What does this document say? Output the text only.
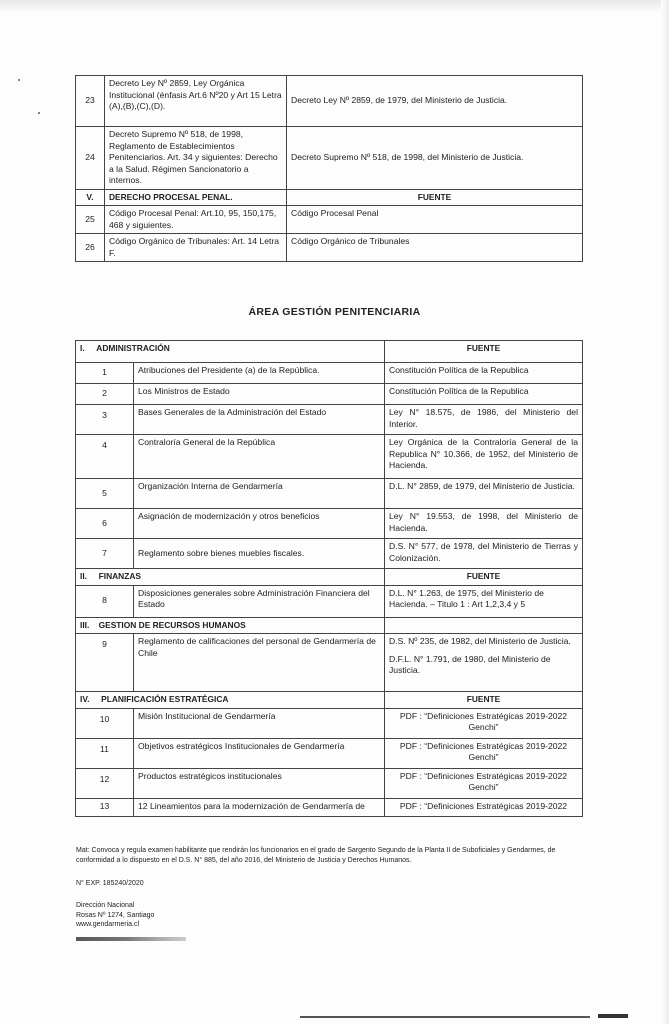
23	Decreto Ley Nº 2859, Ley Orgánica Institucional (énfasis Art.6 Nº20 y Art 15 Letra (A),(B),(C),(D).	Decreto Ley Nº 2859, de 1979, del Ministerio de Justicia.
24	Decreto Supremo Nº 518, de 1998, Reglamento de Establecimientos Penitenciarios. Art. 34 y siguientes: Derecho a la Salud. Régimen Sancionatorio a internos.	Decreto Supremo Nº 518, de 1998, del Ministerio de Justicia.
V.	DERECHO PROCESAL PENAL.	FUENTE
25	Código Procesal Penal: Art.10, 95, 150,175, 468 y siguientes.	Código Procesal Penal
26	Código Orgánico de Tribunales: Art. 14 Letra F.	Código Orgánico de Tribunales
ÁREA GESTIÓN PENITENCIARIA
I. ADMINISTRACIÓN		FUENTE
1	Atribuciones del Presidente (a) de la República.	Constitución Política de la Republica
2	Los Ministros de Estado	Constitución Política de la Republica
3	Bases Generales de la Administración del Estado	Ley N° 18.575, de 1986, del Ministerio del Interior.
4	Contraloría General de la República	Ley Orgánica de la Contraloría General de la Republica N° 10.366, de 1952, del Ministerio de Hacienda.
5	Organización Interna de Gendarmería	D.L. N° 2859, de 1979, del Ministerio de Justicia.
6	Asignación de modernización y otros beneficios	Ley N° 19.553, de 1998, del Ministerio de Hacienda.
7	Reglamento sobre bienes muebles fiscales.	D.S. N° 577, de 1978, del Ministerio de Tierras y Colonización.
II. FINANZAS		FUENTE
8	Disposiciones generales sobre Administración Financiera del Estado	D.L. N° 1.263, de 1975, del Ministerio de Hacienda. – Titulo 1 : Art 1,2,3,4 y 5
III. GESTION DE RECURSOS HUMANOS		
9	Reglamento de calificaciones del personal de Gendarmería de Chile	D.S. Nº 235, de 1982, del Ministerio de Justicia.
D.F.L. N° 1.791, de 1980, del Ministerio de Justicia.

IV. PLANIFICACIÓN ESTRATÉGICA		FUENTE
10	Misión Institucional de Gendarmería	PDF : “Definiciones Estratégicas 2019-2022 Genchi”
11	Objetivos estratégicos Institucionales de Gendarmería	PDF : “Definiciones Estratégicas 2019-2022 Genchi”
12	Productos estratégicos institucionales	PDF : “Definiciones Estratégicas 2019-2022 Genchi”
13	12 Lineamientos para la modernización de Gendarmería de	PDF : “Definiciones Estratégicas 2019-2022
Mat: Convoca y regula examen habilitante que rendirán los funcionarios en el grado de Sargento Segundo de la Planta II de Suboficiales y Gendarmes, de conformidad a lo dispuesto en el D.S. N° 885, del año 2016, del Ministerio de Justicia y Derechos Humanos.
N° EXP. 185240/2020
Dirección Nacional
Rosas Nº 1274, Santiago
www.gendarmeria.cl
